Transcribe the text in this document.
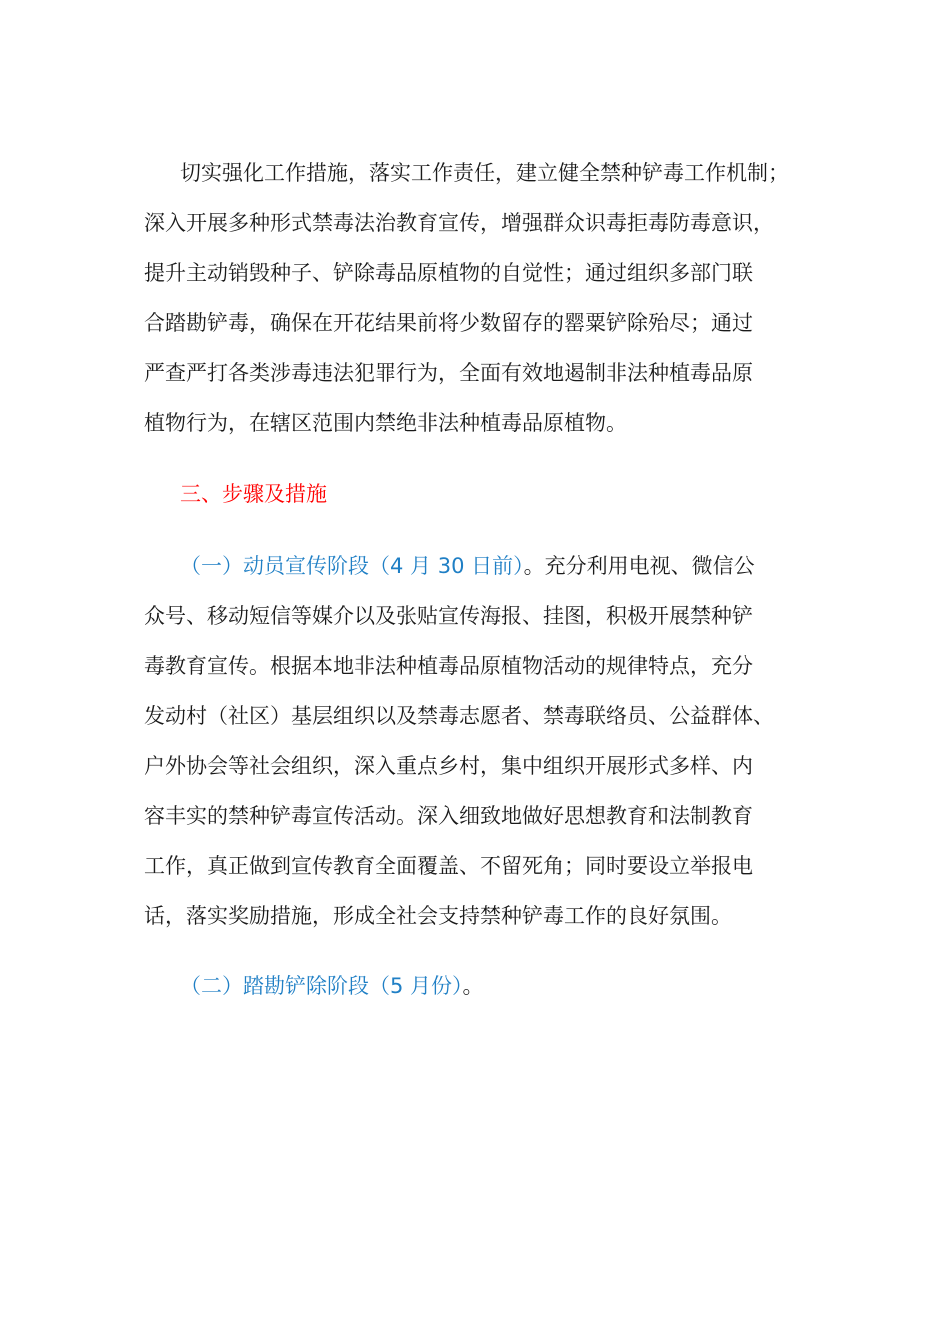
切实强化工作措施，落实工作责任，建立健全禁种铲毒工作机制；
深入开展多种形式禁毒法治教育宣传，增强群众识毒拒毒防毒意识，
提升主动销毁种子、铲除毒品原植物的自觉性；通过组织多部门联
合踏勘铲毒，确保在开花结果前将少数留存的罂粟铲除殆尽；通过
严查严打各类涉毒违法犯罪行为，全面有效地遏制非法种植毒品原
植物行为，在辖区范围内禁绝非法种植毒品原植物。
三、步骤及措施
（一）动员宣传阶段（4 月 30 日前）。充分利用电视、微信公
众号、移动短信等媒介以及张贴宣传海报、挂图，积极开展禁种铲
毒教育宣传。根据本地非法种植毒品原植物活动的规律特点，充分
发动村（社区）基层组织以及禁毒志愿者、禁毒联络员、公益群体、
户外协会等社会组织，深入重点乡村，集中组织开展形式多样、内
容丰实的禁种铲毒宣传活动。深入细致地做好思想教育和法制教育
工作，真正做到宣传教育全面覆盖、不留死角；同时要设立举报电
话，落实奖励措施，形成全社会支持禁种铲毒工作的良好氛围。
（二）踏勘铲除阶段（5 月份）。
